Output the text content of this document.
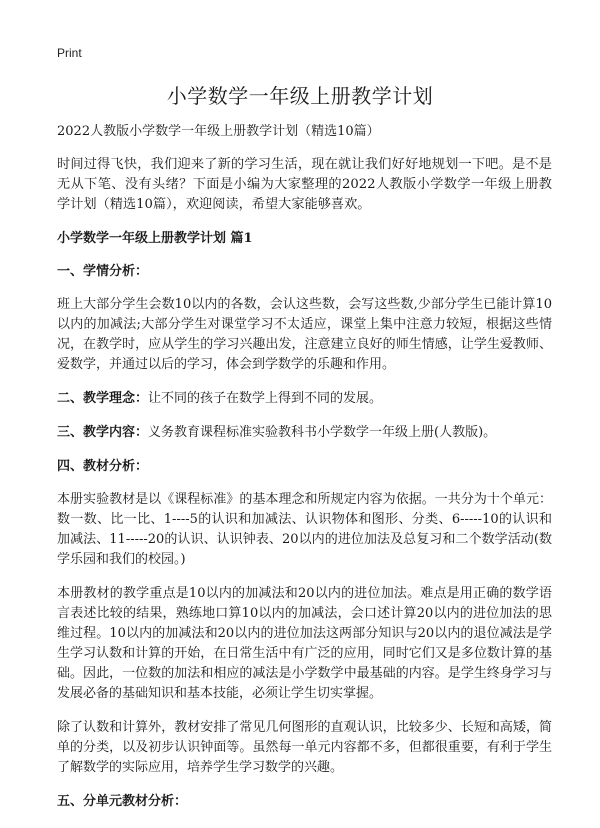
Print
小学数学一年级上册教学计划

2022人教版小学数学一年级上册教学计划（精选10篇）

时间过得飞快，我们迎来了新的学习生活，现在就让我们好好地规划一下吧。是不是无从下笔、没有头绪？下面是小编为大家整理的2022人教版小学数学一年级上册教学计划（精选10篇），欢迎阅读，希望大家能够喜欢。

小学数学一年级上册教学计划 篇1

一、学情分析：

班上大部分学生会数10以内的各数，会认这些数，会写这些数,少部分学生已能计算10以内的加减法;大部分学生对课堂学习不太适应，课堂上集中注意力较短，根据这些情况，在教学时，应从学生的学习兴趣出发，注意建立良好的师生情感，让学生爱教师、爱数学，并通过以后的学习，体会到学数学的乐趣和作用。

二、教学理念：让不同的孩子在数学上得到不同的发展。

三、教学内容：义务教育课程标准实验教科书小学数学一年级上册(人教版)。

四、教材分析：

本册实验教材是以《课程标准》的基本理念和所规定内容为依据。一共分为十个单元：数一数、比一比、1----5的认识和加减法、认识物体和图形、分类、6-----10的认识和加减法、11-----20的认识、认识钟表、20以内的进位加法及总复习和二个数学活动(数学乐园和我们的校园。)

本册教材的教学重点是10以内的加减法和20以内的进位加法。难点是用正确的数学语言表述比较的结果，熟练地口算10以内的加减法，会口述计算20以内的进位加法的思维过程。10以内的加减法和20以内的进位加法这两部分知识与20以内的退位减法是学生学习认数和计算的开始，在日常生活中有广泛的应用，同时它们又是多位数计算的基础。因此，一位数的加法和相应的减法是小学数学中最基础的内容。是学生终身学习与发展必备的基础知识和基本技能，必须让学生切实掌握。

除了认数和计算外，教材安排了常见几何图形的直观认识，比较多少、长短和高矮，简单的分类，以及初步认识钟面等。虽然每一单元内容都不多，但都很重要，有利于学生了解数学的实际应用，培养学生学习数学的兴趣。

五、分单元教材分析：
